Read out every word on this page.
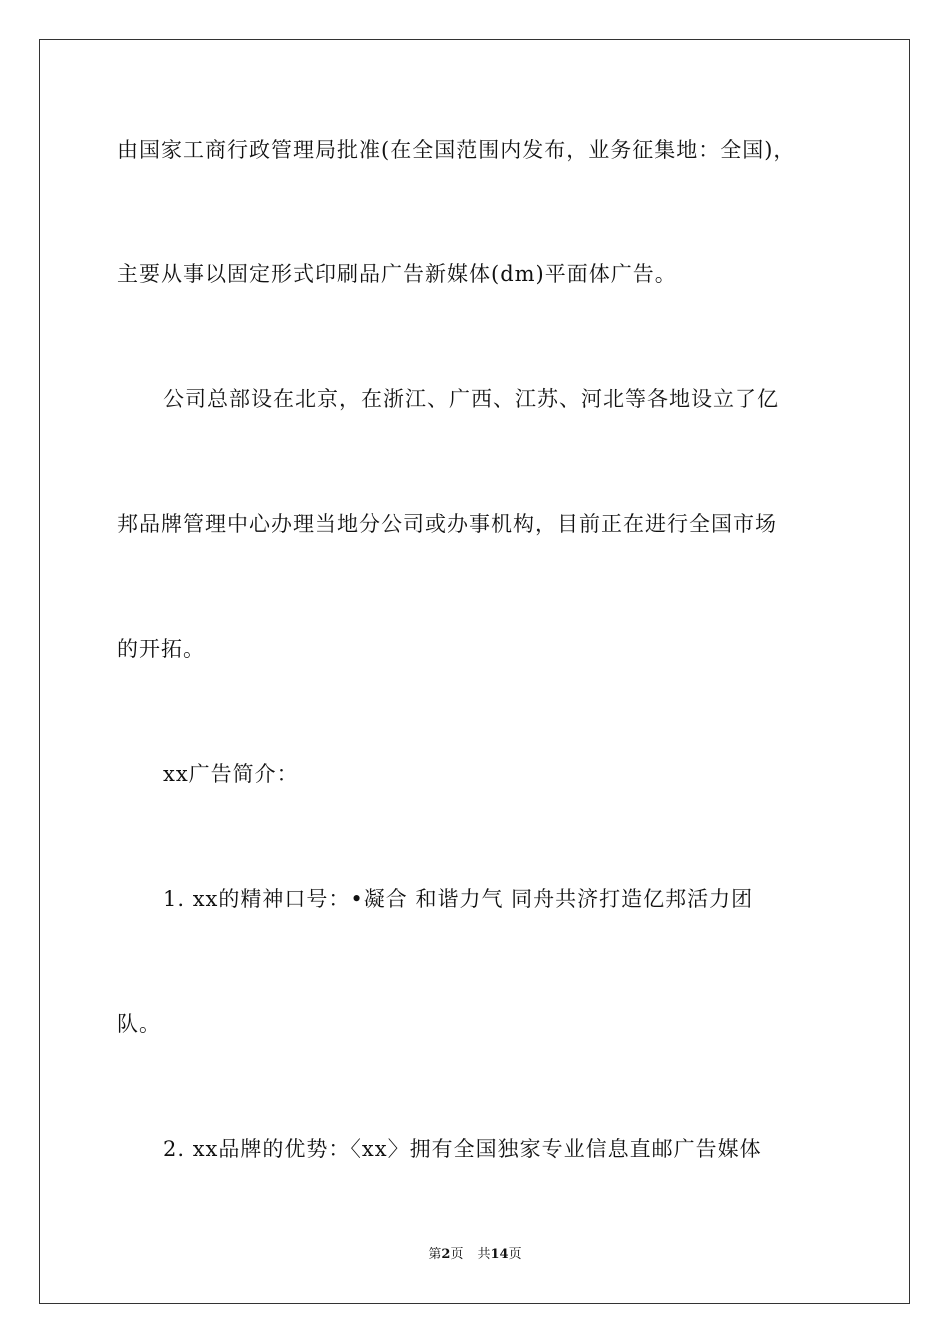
由国家工商行政管理局批准(在全国范围内发布，业务征集地：全国)，

主要从事以固定形式印刷品广告新媒体(dm)平面体广告。

公司总部设在北京，在浙江、广西、江苏、河北等各地设立了亿

邦品牌管理中心办理当地分公司或办事机构，目前正在进行全国市场

的开拓。

xx广告简介：

1. xx的精神口号：•凝合 和谐力气 同舟共济打造亿邦活力团

队。

2. xx品牌的优势：〈xx〉拥有全国独家专业信息直邮广告媒体

第2页 共14页
